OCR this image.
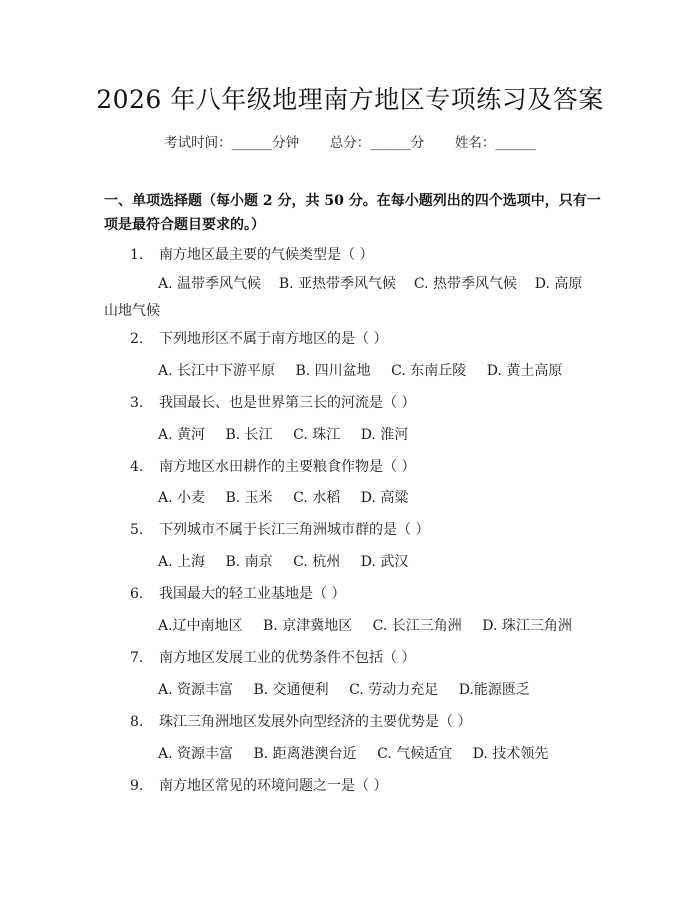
2026 年八年级地理南方地区专项练习及答案
考试时间：______分钟 总分：______分 姓名：______
一、单项选择题（每小题 2 分，共 50 分。在每小题列出的四个选项中，只有一项是最符合题目要求的。）
1. 南方地区最主要的气候类型是（ ）
A. 温带季风气候 B. 亚热带季风气候 C. 热带季风气候 D. 高原山地气候
2. 下列地形区不属于南方地区的是（ ）
A. 长江中下游平原 B. 四川盆地 C. 东南丘陵 D. 黄土高原
3. 我国最长、也是世界第三长的河流是（ ）
A. 黄河 B. 长江 C. 珠江 D. 淮河
4. 南方地区水田耕作的主要粮食作物是（ ）
A. 小麦 B. 玉米 C. 水稻 D. 高粱
5. 下列城市不属于长江三角洲城市群的是（ ）
A. 上海 B. 南京 C. 杭州 D. 武汉
6. 我国最大的轻工业基地是（ ）
A.辽中南地区 B. 京津冀地区 C. 长江三角洲 D. 珠江三角洲
7. 南方地区发展工业的优势条件不包括（ ）
A. 资源丰富 B. 交通便利 C. 劳动力充足 D.能源匮乏
8. 珠江三角洲地区发展外向型经济的主要优势是（ ）
A. 资源丰富 B. 距离港澳台近 C. 气候适宜 D. 技术领先
9. 南方地区常见的环境问题之一是（ ）
